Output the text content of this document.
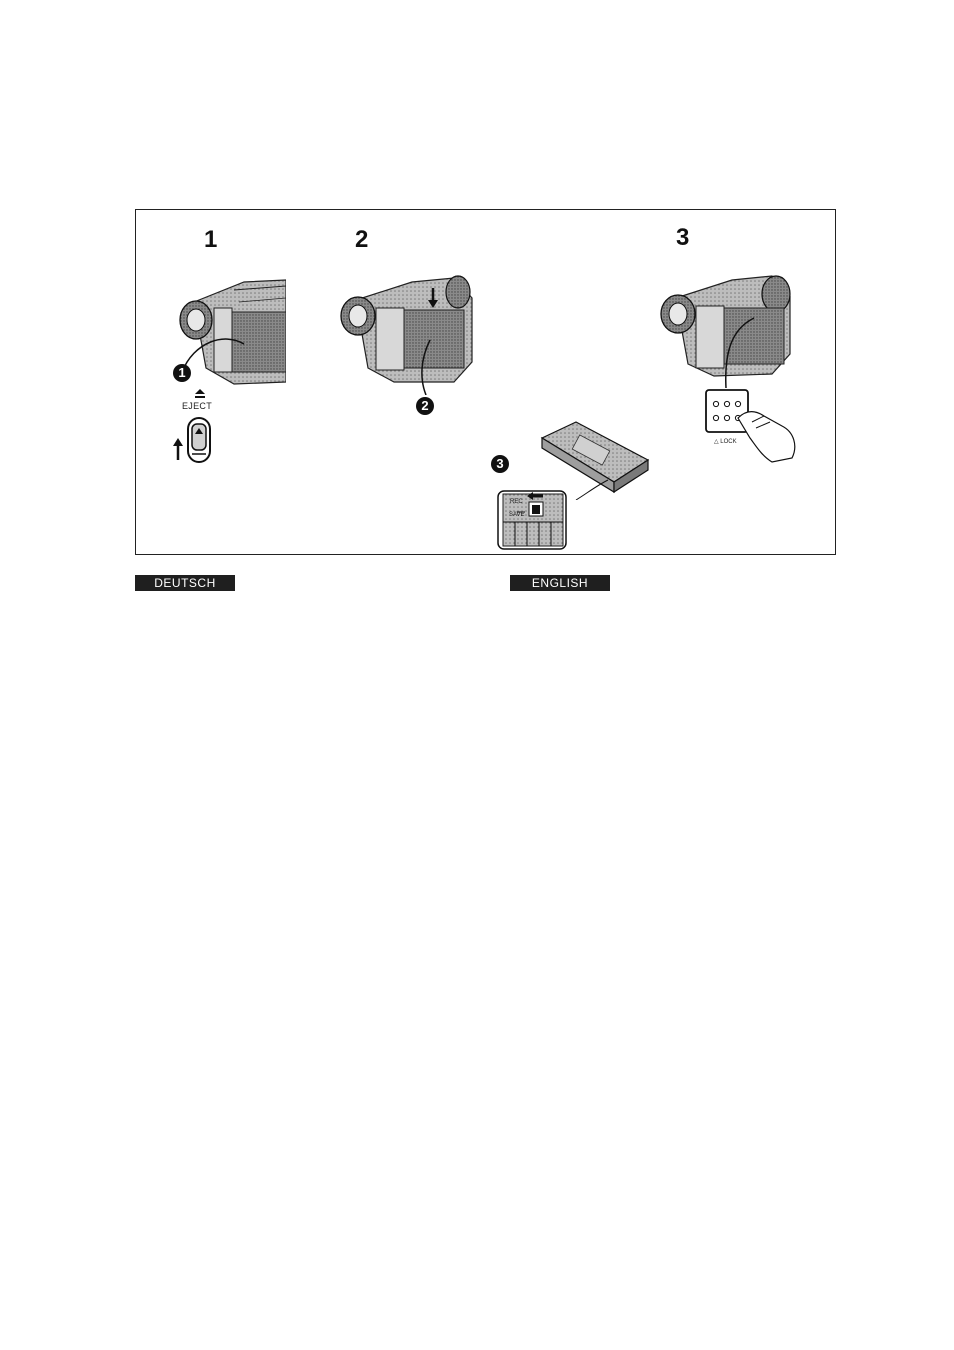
1	2	3
1
EJECT	2
△ LOCK
3
REC
SAVE
DEUTSCH	ENGLISH
